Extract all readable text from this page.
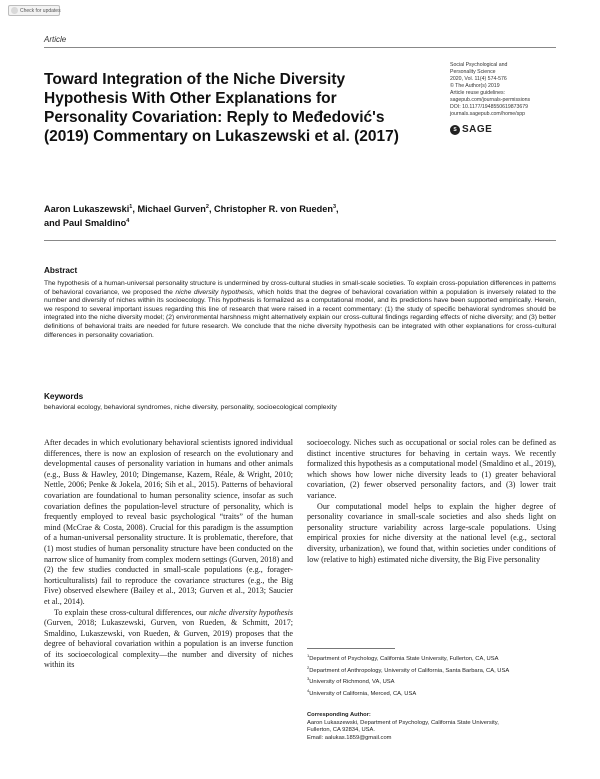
Check for updates
Article
Toward Integration of the Niche Diversity Hypothesis With Other Explanations for Personality Covariation: Reply to Međedović's (2019) Commentary on Lukaszewski et al. (2017)
Social Psychological and
Personality Science
2020, Vol. 11(4) 574-576
© The Author(s) 2019
Article reuse guidelines:
sagepub.com/journals-permissions
DOI: 10.1177/1948550619873679
journals.sagepub.com/home/spp
S SAGE
Aaron Lukaszewski$^1$, Michael Gurven$^2$, Christopher R. von Rueden$^3$,
and Paul Smaldino$^4$
Abstract

The hypothesis of a human-universal personality structure is undermined by cross-cultural studies in small-scale societies. To explain cross-population differences in patterns of behavioral covariance, we proposed the niche diversity hypothesis, which holds that the degree of behavioral covariation within a population is inversely related to the number and diversity of niches within its socioecology. This hypothesis is formalized as a computational model, and its predictions have been supported empirically. Herein, we respond to several important issues regarding this line of research that were raised in a recent commentary: (1) the study of specific behavioral syndromes should be integrated into the niche diversity model; (2) environmental harshness might alternatively explain our cross-cultural findings regarding effects of niche diversity; and (3) better definitions of behavioral traits are needed for future research. We conclude that the niche diversity hypothesis can be integrated with other explanations for cross-cultural differences in personality covariation.

Keywords
behavioral ecology, behavioral syndromes, niche diversity, personality, socioecological complexity

After decades in which evolutionary behavioral scientists ignored individual differences, there is now an explosion of research on the evolutionary and developmental causes of personality variation in humans and other animals (e.g., Buss & Hawley, 2010; Dingemanse, Kazem, Réale, & Wright, 2010; Nettle, 2006; Penke & Jokela, 2016; Sih et al., 2015). Patterns of behavioral covariation are foundational to human personality science, insofar as such covariation defines the population-level structure of personality, which is frequently employed to reveal basic psychological “traits” of the human mind (McCrae & Costa, 2008). Crucial for this paradigm is the assumption of a human-universal personality structure. It is problematic, therefore, that (1) most studies of human personality structure have been conducted on the narrow slice of humanity from complex modern settings (Gurven, 2018) and (2) the few studies conducted in small-scale populations (e.g., forager-horticulturalists) fail to reproduce the covariance structures (e.g., the Big Five) observed elsewhere (Bailey et al., 2013; Gurven et al., 2013; Saucier et al., 2014).

To explain these cross-cultural differences, our niche diversity hypothesis (Gurven, 2018; Lukaszewski, Gurven, von Rueden, & Schmitt, 2017; Smaldino, Lukaszewski, von Rueden, & Gurven, 2019) proposes that the degree of behavioral covariation within a population is an inverse function of its socioecological complexity—the number and diversity of niches within its

socioecology. Niches such as occupational or social roles can be defined as distinct incentive structures for behaving in certain ways. We recently formalized this hypothesis as a computational model (Smaldino et al., 2019), which shows how lower niche diversity leads to (1) greater behavioral covariation, (2) fewer observed personality factors, and (3) lower trait variance.

Our computational model helps to explain the higher degree of personality covariance in small-scale societies and also sheds light on personality structure variability across large-scale populations. Using empirical proxies for niche diversity at the national level (e.g., sectoral diversity, urbanization), we found that, within societies under conditions of low (relative to high) estimated niche diversity, the Big Five personality

$^1$Department of Psychology, California State University, Fullerton, CA, USA
$^2$Department of Anthropology, University of California, Santa Barbara, CA, USA
$^3$University of Richmond, VA, USA
$^4$University of California, Merced, CA, USA
Corresponding Author:
Aaron Lukaszewski, Department of Psychology, California State University,
Fullerton, CA 92834, USA.
Email: aalukas.1859@gmail.com
